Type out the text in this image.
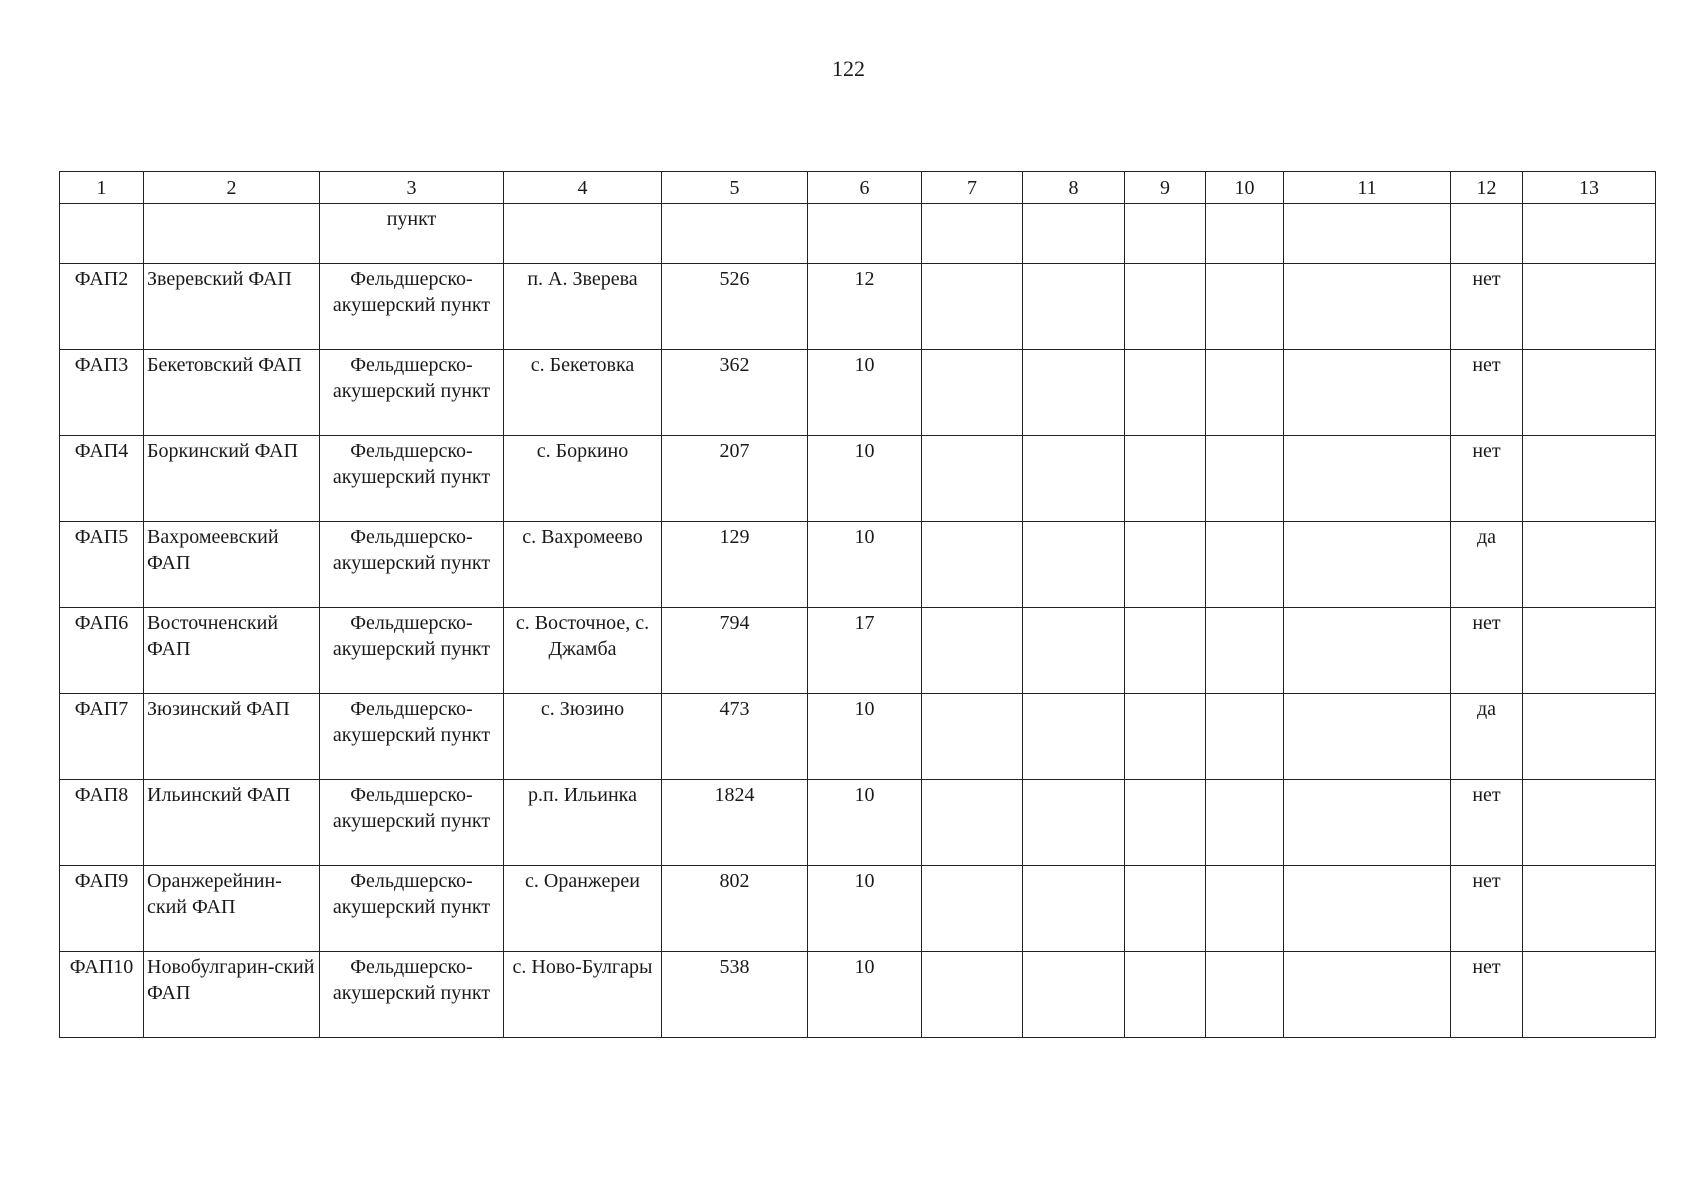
122
1	2	3	4	5	6	7	8	9	10	11	12	13
		пункт										
ФАП2	Зверевский ФАП	Фельдшерско-акушерский пункт	п. А. Зверева	526	12						нет	
ФАП3	Бекетовский ФАП	Фельдшерско-акушерский пункт	с. Бекетовка	362	10						нет	
ФАП4	Боркинский ФАП	Фельдшерско-акушерский пункт	с. Боркино	207	10						нет	
ФАП5	Вахромеевский ФАП	Фельдшерско-акушерский пункт	с. Вахромеево	129	10						да	
ФАП6	Восточненский ФАП	Фельдшерско-акушерский пункт	с. Восточное, с. Джамба	794	17						нет	
ФАП7	Зюзинский ФАП	Фельдшерско-акушерский пункт	с. Зюзино	473	10						да	
ФАП8	Ильинский ФАП	Фельдшерско-акушерский пункт	р.п. Ильинка	1824	10						нет	
ФАП9	Оранжерейнин-ский ФАП	Фельдшерско-акушерский пункт	с. Оранжереи	802	10						нет	
ФАП10	Новобулгарин-ский ФАП	Фельдшерско-акушерский пункт	с. Ново-Булгары	538	10						нет	
